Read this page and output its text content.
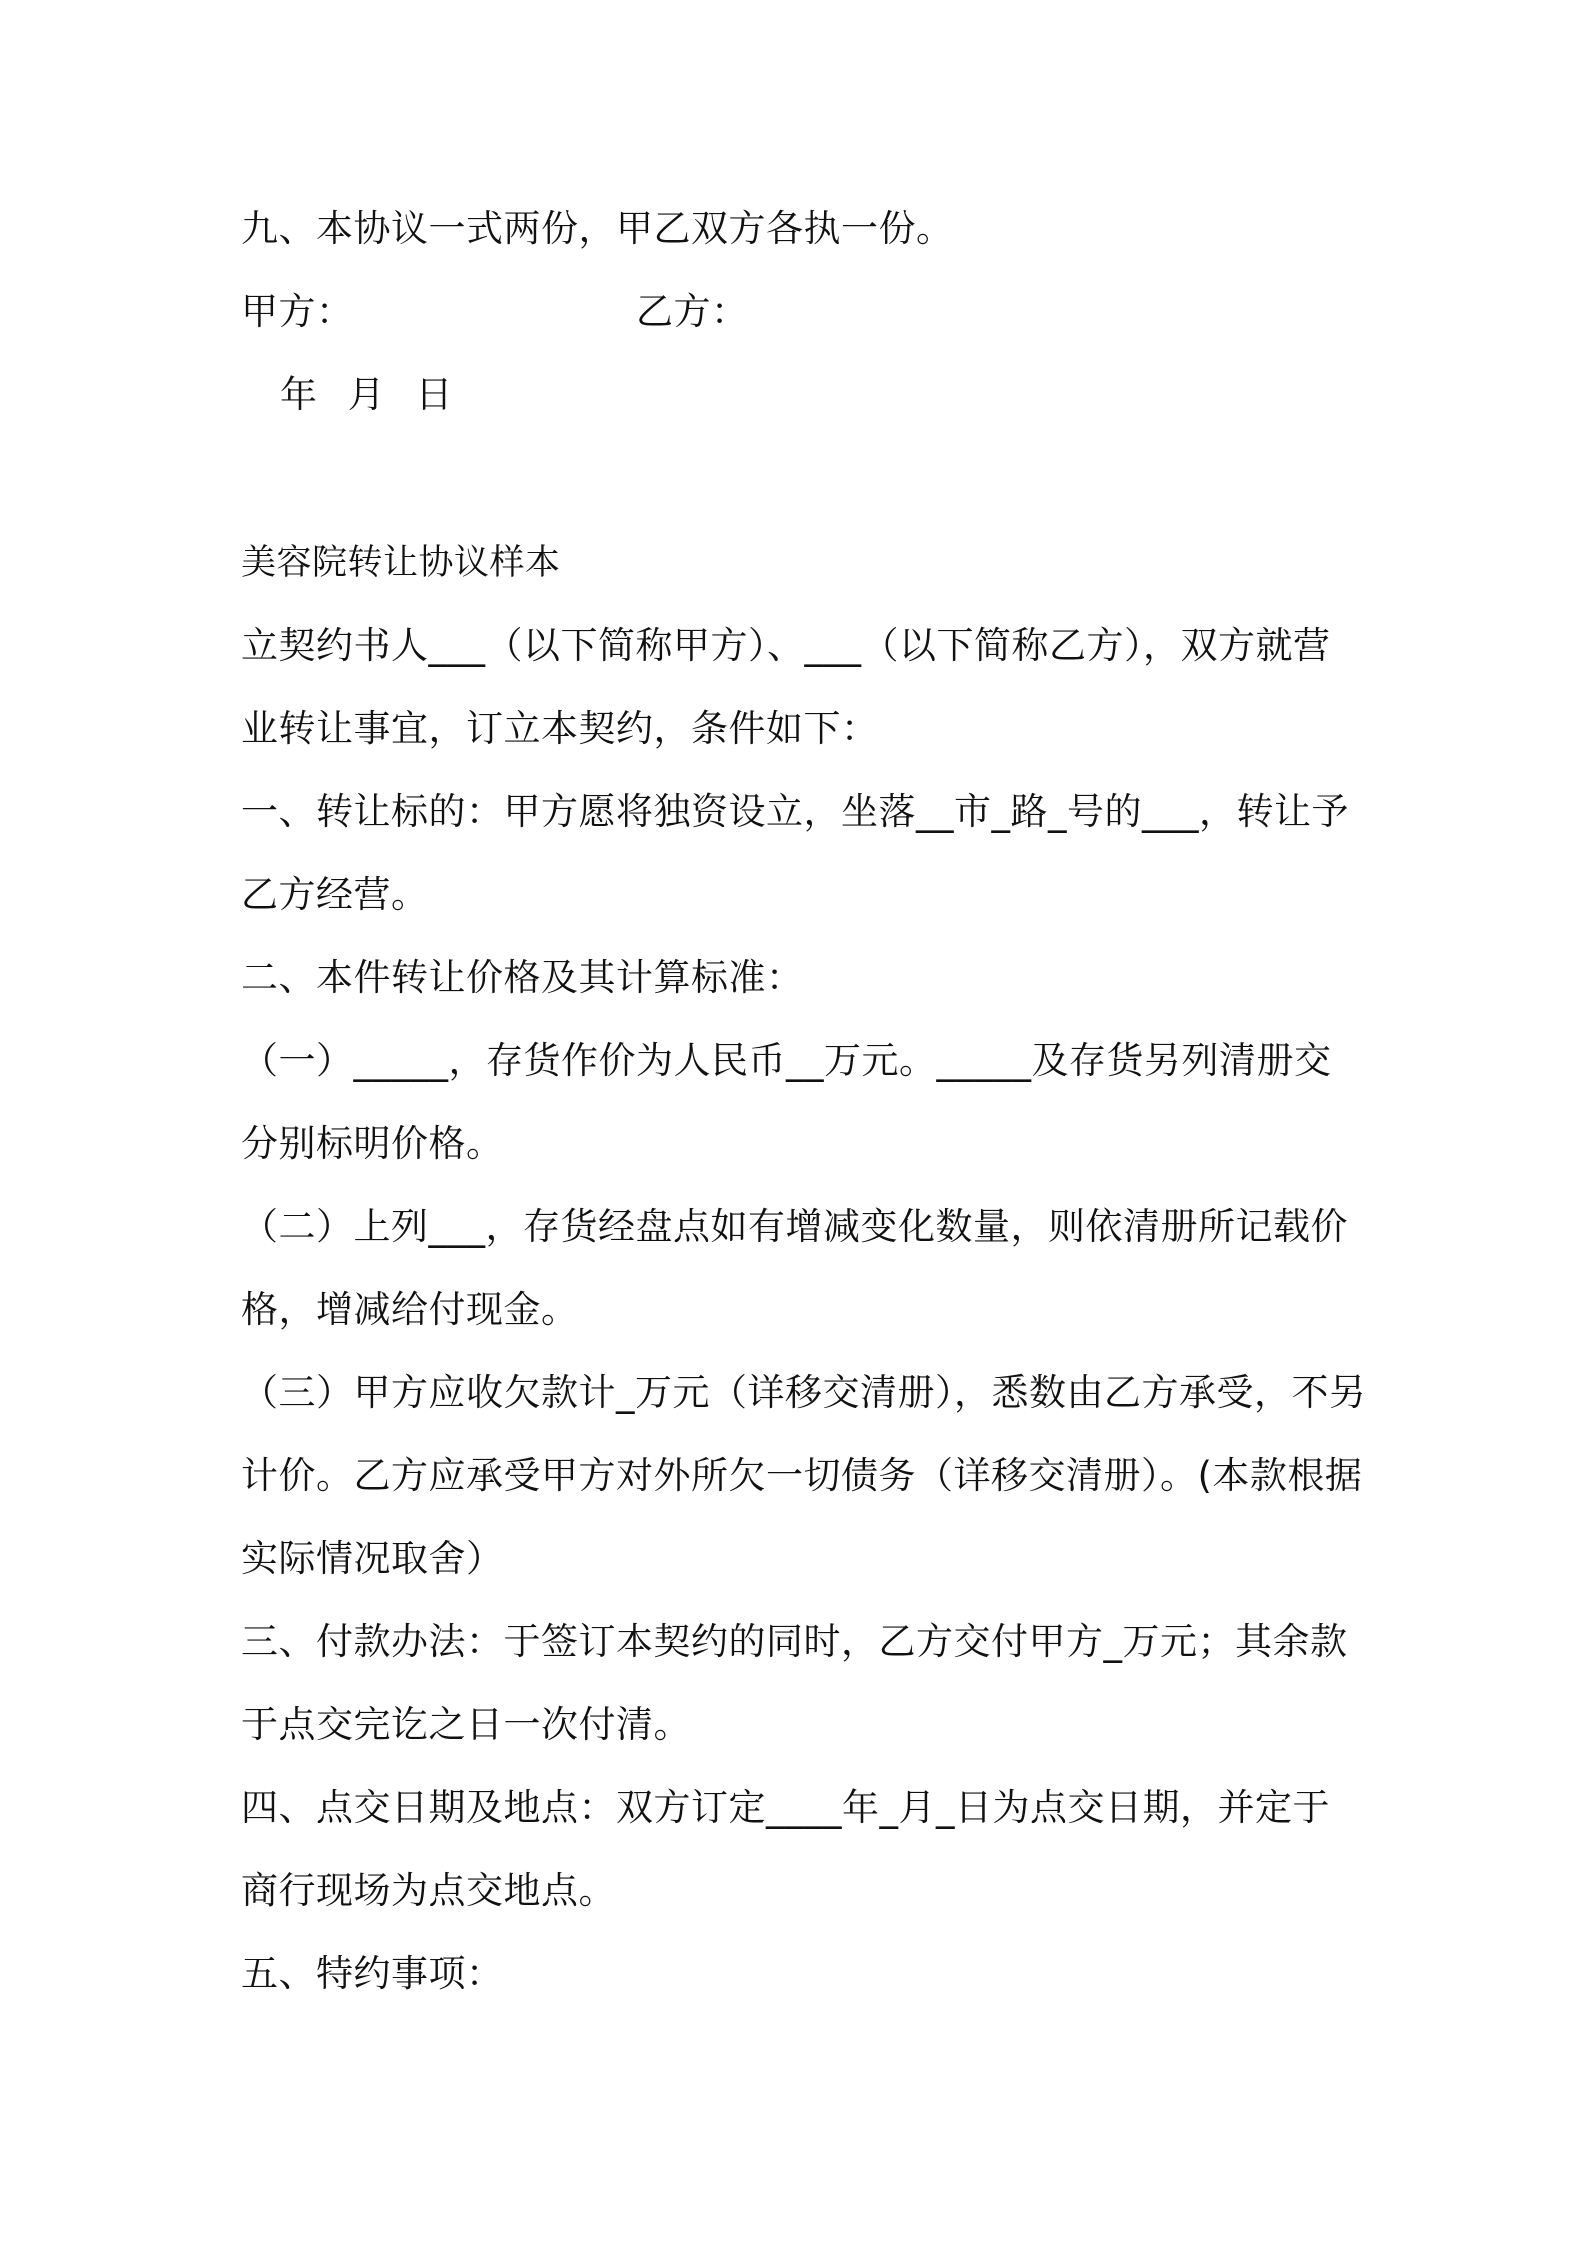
九、本协议一式两份，甲乙双方各执一份。
甲方：	乙方：
年 月 日
美容院转让协议样本
立契约书人___（以下简称甲方）、___（以下简称乙方），双方就营
业转让事宜，订立本契约，条件如下：
一、转让标的：甲方愿将独资设立，坐落__市_路_号的___，转让予
乙方经营。
二、本件转让价格及其计算标准：
（一）_____，存货作价为人民币__万元。_____及存货另列清册交
分别标明价格。
（二）上列___，存货经盘点如有增减变化数量，则依清册所记载价
格，增减给付现金。
（三）甲方应收欠款计_万元（详移交清册），悉数由乙方承受，不另
计价。乙方应承受甲方对外所欠一切债务（详移交清册）。(本款根据
实际情况取舍）
三、付款办法：于签订本契约的同时，乙方交付甲方_万元；其余款
于点交完讫之日一次付清。
四、点交日期及地点：双方订定____年_月_日为点交日期，并定于
商行现场为点交地点。
五、特约事项：
